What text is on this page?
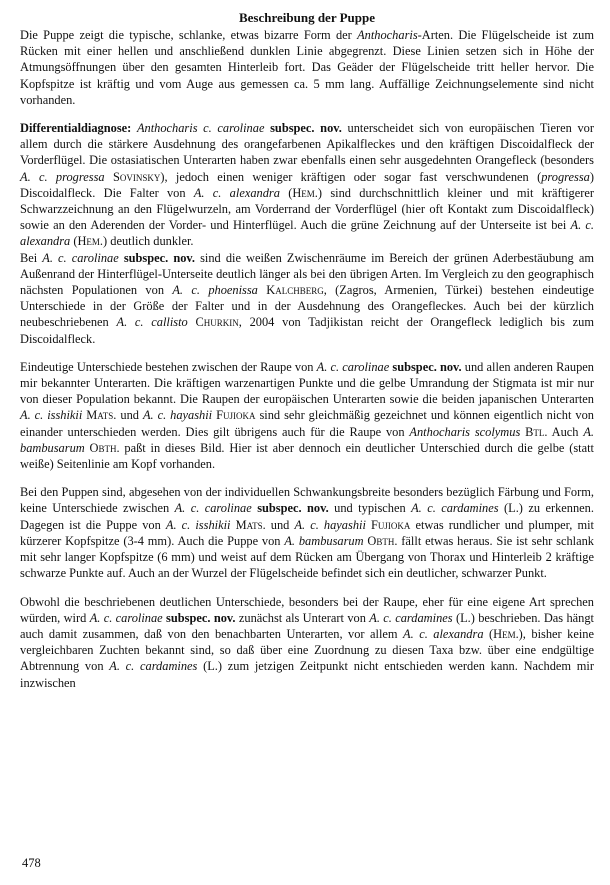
Beschreibung der Puppe

Die Puppe zeigt die typische, schlanke, etwas bizarre Form der Anthocharis-Arten. Die Flügelscheide ist zum Rücken mit einer hellen und anschließend dunklen Linie abgegrenzt. Diese Linien setzen sich in Höhe der Atmungsöffnungen über den gesamten Hinterleib fort. Das Geäder der Flügelscheide tritt heller hervor. Die Kopfspitze ist kräftig und vom Auge aus gemessen ca. 5 mm lang. Auffällige Zeichnungselemente sind nicht vorhanden.

Differentialdiagnose: Anthocharis c. carolinae subspec. nov. unterscheidet sich von europäischen Tieren vor allem durch die stärkere Ausdehnung des orangefarbenen Apikalfleckes und den kräftigen Discoidalfleck der Vorderflügel. Die ostasiatischen Unterarten haben zwar ebenfalls einen sehr ausgedehnten Orangefleck (besonders A. c. progressa Sovinsky), jedoch einen weniger kräftigen oder sogar fast verschwundenen (progressa) Discoidalfleck. Die Falter von A. c. alexandra (Hem.) sind durchschnittlich kleiner und mit kräftigerer Schwarzzeichnung an den Flügelwurzeln, am Vorderrand der Vorderflügel (hier oft Kontakt zum Discoidalfleck) sowie an den Aderenden der Vorder- und Hinterflügel. Auch die grüne Zeichnung auf der Unterseite ist bei A. c. alexandra (Hem.) deutlich dunkler.

Bei A. c. carolinae subspec. nov. sind die weißen Zwischenräume im Bereich der grünen Aderbestäubung am Außenrand der Hinterflügel-Unterseite deutlich länger als bei den übrigen Arten. Im Vergleich zu den geographisch nächsten Populationen von A. c. phoenissa Kalchberg, (Zagros, Armenien, Türkei) bestehen eindeutige Unterschiede in der Größe der Falter und in der Ausdehnung des Orangefleckes. Auch bei der kürzlich neubeschriebenen A. c. callisto Churkin, 2004 von Tadjikistan reicht der Orangefleck lediglich bis zum Discoidalfleck.

Eindeutige Unterschiede bestehen zwischen der Raupe von A. c. carolinae subspec. nov. und allen anderen Raupen mir bekannter Unterarten. Die kräftigen warzenartigen Punkte und die gelbe Umrandung der Stigmata ist mir nur von dieser Population bekannt. Die Raupen der europäischen Unterarten sowie die beiden japanischen Unterarten A. c. isshikii Mats. und A. c. hayashii Fujioka sind sehr gleichmäßig gezeichnet und können eigentlich nicht von einander unterschieden werden. Dies gilt übrigens auch für die Raupe von Anthocharis scolymus Btl. Auch A. bambusarum Obth. paßt in dieses Bild. Hier ist aber dennoch ein deutlicher Unterschied durch die gelbe (statt weiße) Seitenlinie am Kopf vorhanden.

Bei den Puppen sind, abgesehen von der individuellen Schwankungsbreite besonders bezüglich Färbung und Form, keine Unterschiede zwischen A. c. carolinae subspec. nov. und typischen A. c. cardamines (L.) zu erkennen. Dagegen ist die Puppe von A. c. isshikii Mats. und A. c. hayashii Fujioka etwas rundlicher und plumper, mit kürzerer Kopfspitze (3-4 mm). Auch die Puppe von A. bambusarum Obth. fällt etwas heraus. Sie ist sehr schlank mit sehr langer Kopfspitze (6 mm) und weist auf dem Rücken am Übergang von Thorax und Hinterleib 2 kräftige schwarze Punkte auf. Auch an der Wurzel der Flügelscheide befindet sich ein deutlicher, schwarzer Punkt.

Obwohl die beschriebenen deutlichen Unterschiede, besonders bei der Raupe, eher für eine eigene Art sprechen würden, wird A. c. carolinae subspec. nov. zunächst als Unterart von A. c. cardamines (L.) beschrieben. Das hängt auch damit zusammen, daß von den benachbarten Unterarten, vor allem A. c. alexandra (Hem.), bisher keine vergleichbaren Zuchten bekannt sind, so daß über eine Zuordnung zu diesen Taxa bzw. über eine endgültige Abtrennung von A. c. cardamines (L.) zum jetzigen Zeitpunkt nicht entschieden werden kann. Nachdem mir inzwischen

478
